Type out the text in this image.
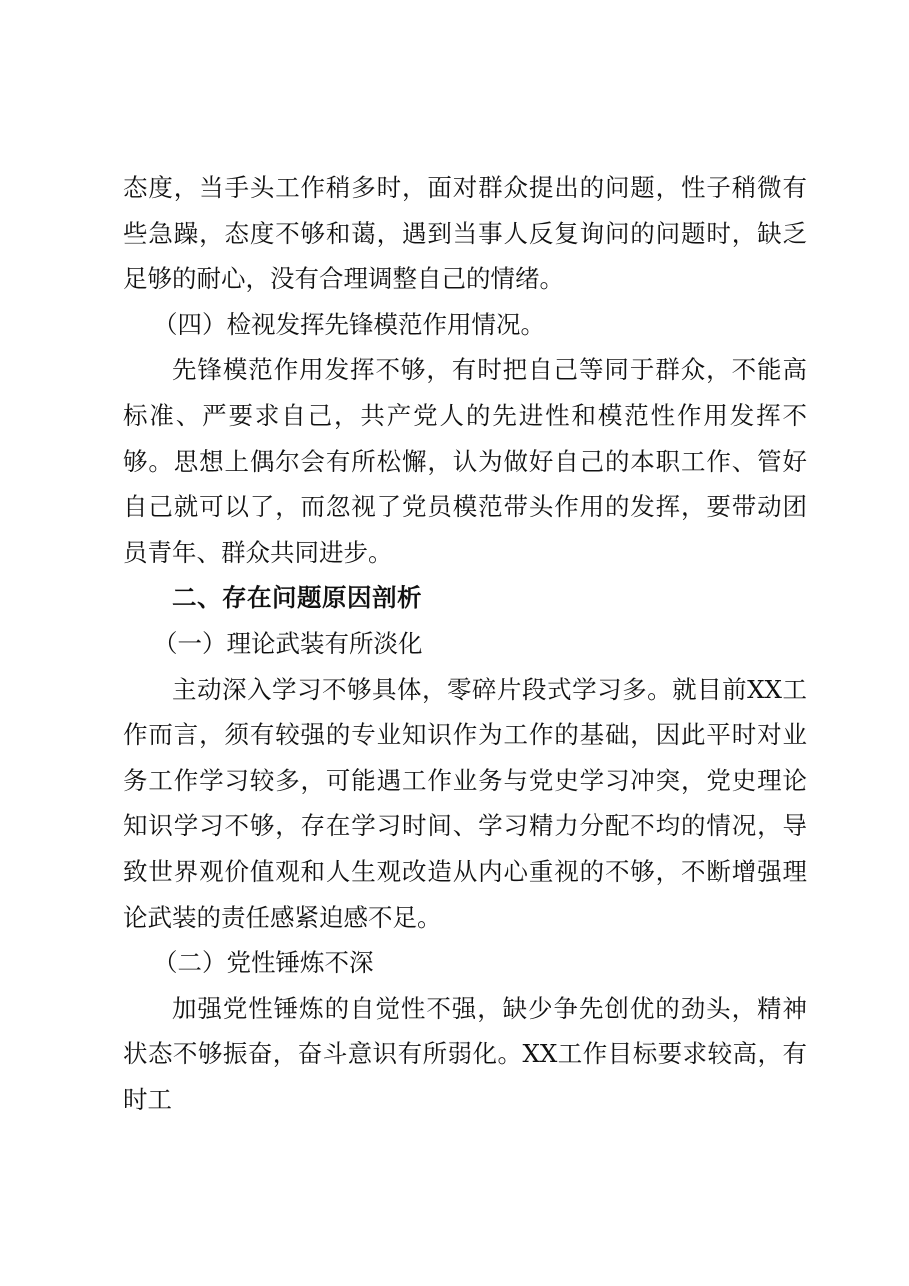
态度，当手头工作稍多时，面对群众提出的问题，性子稍微有些急躁，态度不够和蔼，遇到当事人反复询问的问题时，缺乏足够的耐心，没有合理调整自己的情绪。

（四）检视发挥先锋模范作用情况。

先锋模范作用发挥不够，有时把自己等同于群众，不能高标准、严要求自己，共产党人的先进性和模范性作用发挥不够。思想上偶尔会有所松懈，认为做好自己的本职工作、管好自己就可以了，而忽视了党员模范带头作用的发挥，要带动团员青年、群众共同进步。

二、存在问题原因剖析

（一）理论武装有所淡化

主动深入学习不够具体，零碎片段式学习多。就目前XX工作而言，须有较强的专业知识作为工作的基础，因此平时对业务工作学习较多，可能遇工作业务与党史学习冲突，党史理论知识学习不够，存在学习时间、学习精力分配不均的情况，导致世界观价值观和人生观改造从内心重视的不够，不断增强理论武装的责任感紧迫感不足。

（二）党性锤炼不深

加强党性锤炼的自觉性不强，缺少争先创优的劲头，精神状态不够振奋，奋斗意识有所弱化。XX工作目标要求较高，有时工
